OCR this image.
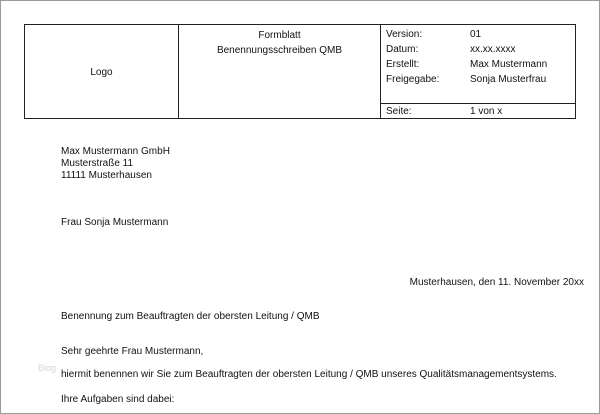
Logo
Formblatt
Benennungsschreiben QMB
Version:	01
Datum:	xx.xx.xxxx
Erstellt:	Max Mustermann
Freigegabe:	Sonja Musterfrau
Seite:	1 von x
Max Mustermann GmbH
Musterstraße 11
11111 Musterhausen
Frau Sonja Mustermann
Musterhausen, den 11. November 20xx
Benennung zum Beauftragten der obersten Leitung / QMB
Sehr geehrte Frau Mustermann,
Blog
hiermit benennen wir Sie zum Beauftragten der obersten Leitung / QMB unseres Qualitätsmanagementsystems.
Ihre Aufgaben sind dabei:
